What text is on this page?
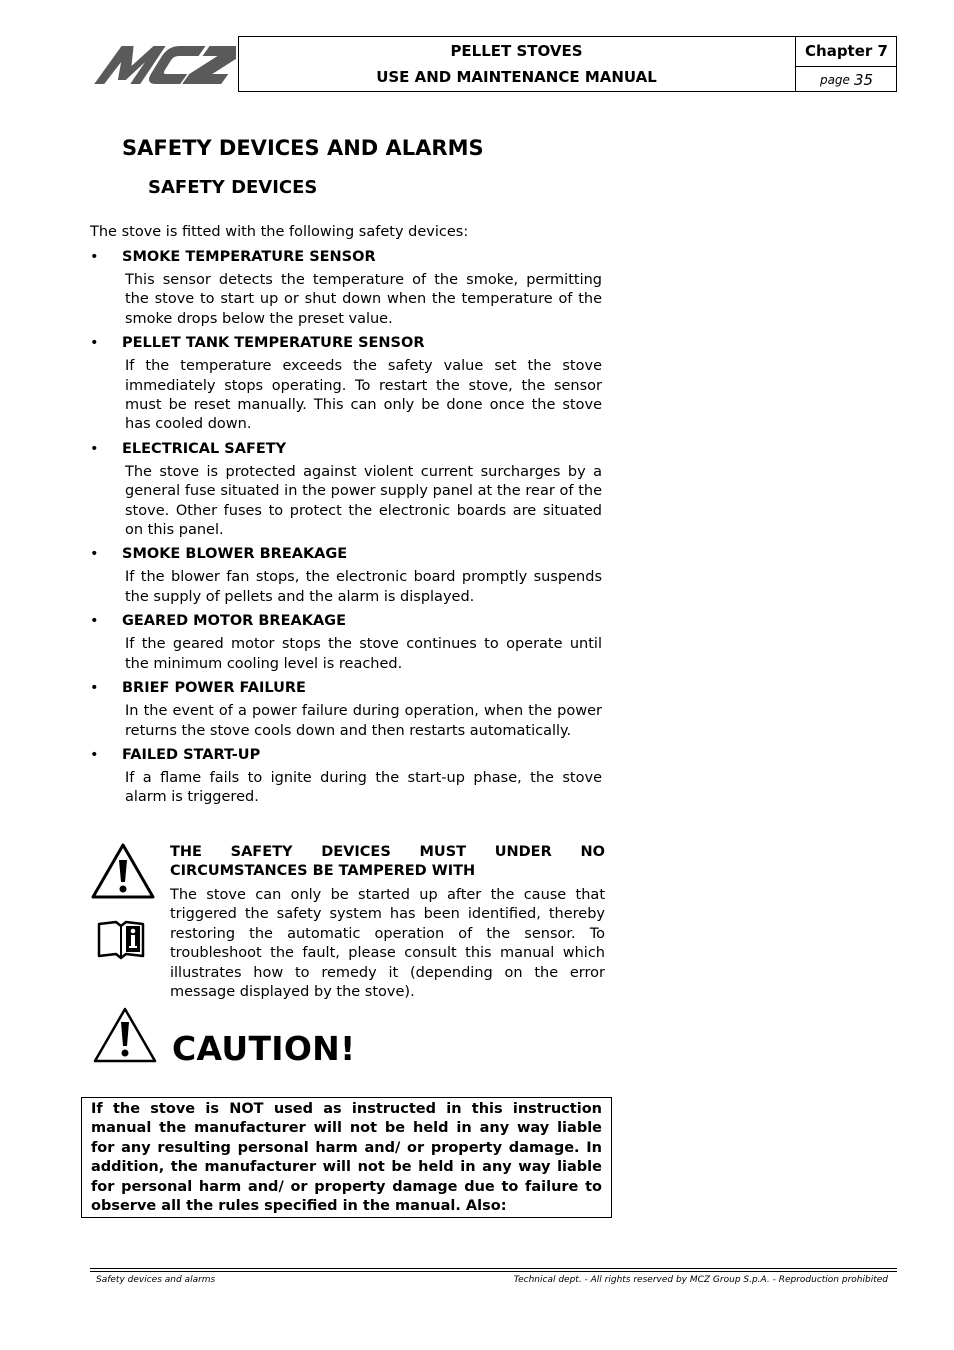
PELLET STOVES
USE AND MAINTENANCE MANUAL
Chapter 7
page 35
SAFETY DEVICES AND ALARMS
SAFETY DEVICES
The stove is fitted with the following safety devices:
• SMOKE TEMPERATURE SENSOR
This sensor detects the temperature of the smoke, permitting the stove to start up or shut down when the temperature of the smoke drops below the preset value.
• PELLET TANK TEMPERATURE SENSOR
If the temperature exceeds the safety value set the stove immediately stops operating. To restart the stove, the sensor must be reset manually. This can only be done once the stove has cooled down.
• ELECTRICAL SAFETY
The stove is protected against violent current surcharges by a general fuse situated in the power supply panel at the rear of the stove. Other fuses to protect the electronic boards are situated on this panel.
• SMOKE BLOWER BREAKAGE
If the blower fan stops, the electronic board promptly suspends the supply of pellets and the alarm is displayed.
• GEARED MOTOR BREAKAGE
If the geared motor stops the stove continues to operate until the minimum cooling level is reached.
• BRIEF POWER FAILURE
In the event of a power failure during operation, when the power returns the stove cools down and then restarts automatically.
• FAILED START-UP
If a flame fails to ignite during the start-up phase, the stove alarm is triggered.
THE SAFETY DEVICES MUST UNDER NO
CIRCUMSTANCES BE TAMPERED WITH
The stove can only be started up after the cause that triggered the safety system has been identified, thereby restoring the automatic operation of the sensor. To troubleshoot the fault, please consult this manual which illustrates how to remedy it (depending on the error message displayed by the stove).
CAUTION!
If the stove is NOT used as instructed in this instruction manual the manufacturer will not be held in any way liable for any resulting personal harm and/ or property damage. In addition, the manufacturer will not be held in any way liable for personal harm and/ or property damage due to failure to observe all the rules specified in the manual. Also:
Safety devices and alarms	Technical dept. - All rights reserved by MCZ Group S.p.A. - Reproduction prohibited
